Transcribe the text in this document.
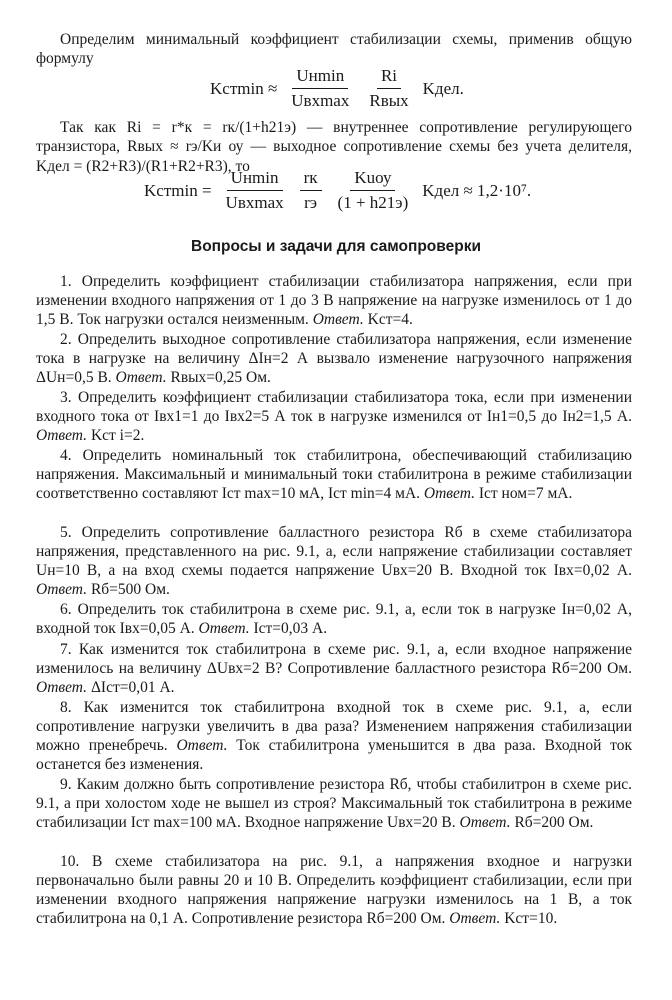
Определим минимальный коэффициент стабилизации схемы, применив общую формулу

$Kст\min \approx \frac{Uн\min}{\text{Uвхmax}} \frac{Ri}{\text{Rвых}}$ Kдел.

Так как Ri = r*к = rк/(1+h21э) — внутреннее сопротивление регулирующего транзистора, Rвых ≈ rэ/Kи оу — выходное сопротивление схемы без учета делителя, Kдел = (R2+R3)/(R1+R2+R3), то

$Kст\min = \frac{Uн\min}{\text{Uвхmax}} \frac{rк}{rэ} \frac{\text{Kuоу}}{(1 + h21э)}$ Kдел ≈ 1,2·10⁷.
Вопросы и задачи для самопроверки

1. Определить коэффициент стабилизации стабилизатора напряжения, если при изменении входного напряжения от 1 до 3 В напряжение на нагрузке изменилось от 1 до 1,5 В. Ток нагрузки остался неизменным. Ответ. Kст=4.

2. Определить выходное сопротивление стабилизатора напряжения, если изменение тока в нагрузке на величину ΔIн=2 А вызвало изменение нагрузочного напряжения ΔUн=0,5 В. Ответ. Rвых=0,25 Ом.

3. Определить коэффициент стабилизации стабилизатора тока, если при изменении входного тока от Iвх1=1 до Iвх2=5 А ток в нагрузке изменился от Iн1=0,5 до Iн2=1,5 А. Ответ. Kст i=2.

4. Определить номинальный ток стабилитрона, обеспечивающий стабилизацию напряжения. Максимальный и минимальный токи стабилитрона в режиме стабилизации соответственно составляют Iст max=10 мА, Iст min=4 мА. Ответ. Iст ном=7 мА.

5. Определить сопротивление балластного резистора Rб в схеме стабилизатора напряжения, представленного на рис. 9.1, а, если напряжение стабилизации составляет Uн=10 В, а на вход схемы подается напряжение Uвх=20 В. Входной ток Iвх=0,02 А. Ответ. Rб=500 Ом.

6. Определить ток стабилитрона в схеме рис. 9.1, а, если ток в нагрузке Iн=0,02 А, входной ток Iвх=0,05 А. Ответ. Iст=0,03 А.

7. Как изменится ток стабилитрона в схеме рис. 9.1, а, если входное напряжение изменилось на величину ΔUвх=2 В? Сопротивление балластного резистора Rб=200 Ом. Ответ. ΔIст=0,01 А.

8. Как изменится ток стабилитрона входной ток в схеме рис. 9.1, а, если сопротивление нагрузки увеличить в два раза? Изменением напряжения стабилизации можно пренебречь. Ответ. Ток стабилитрона уменьшится в два раза. Входной ток останется без изменения.

9. Каким должно быть сопротивление резистора Rб, чтобы стабилитрон в схеме рис. 9.1, а при холостом ходе не вышел из строя? Максимальный ток стабилитрона в режиме стабилизации Iст max=100 мА. Входное напряжение Uвх=20 В. Ответ. Rб=200 Ом.

10. В схеме стабилизатора на рис. 9.1, а напряжения входное и нагрузки первоначально были равны 20 и 10 В. Определить коэффициент стабилизации, если при изменении входного напряжения напряжение нагрузки изменилось на 1 В, а ток стабилитрона на 0,1 А. Сопротивление резистора Rб=200 Ом. Ответ. Kст=10.
